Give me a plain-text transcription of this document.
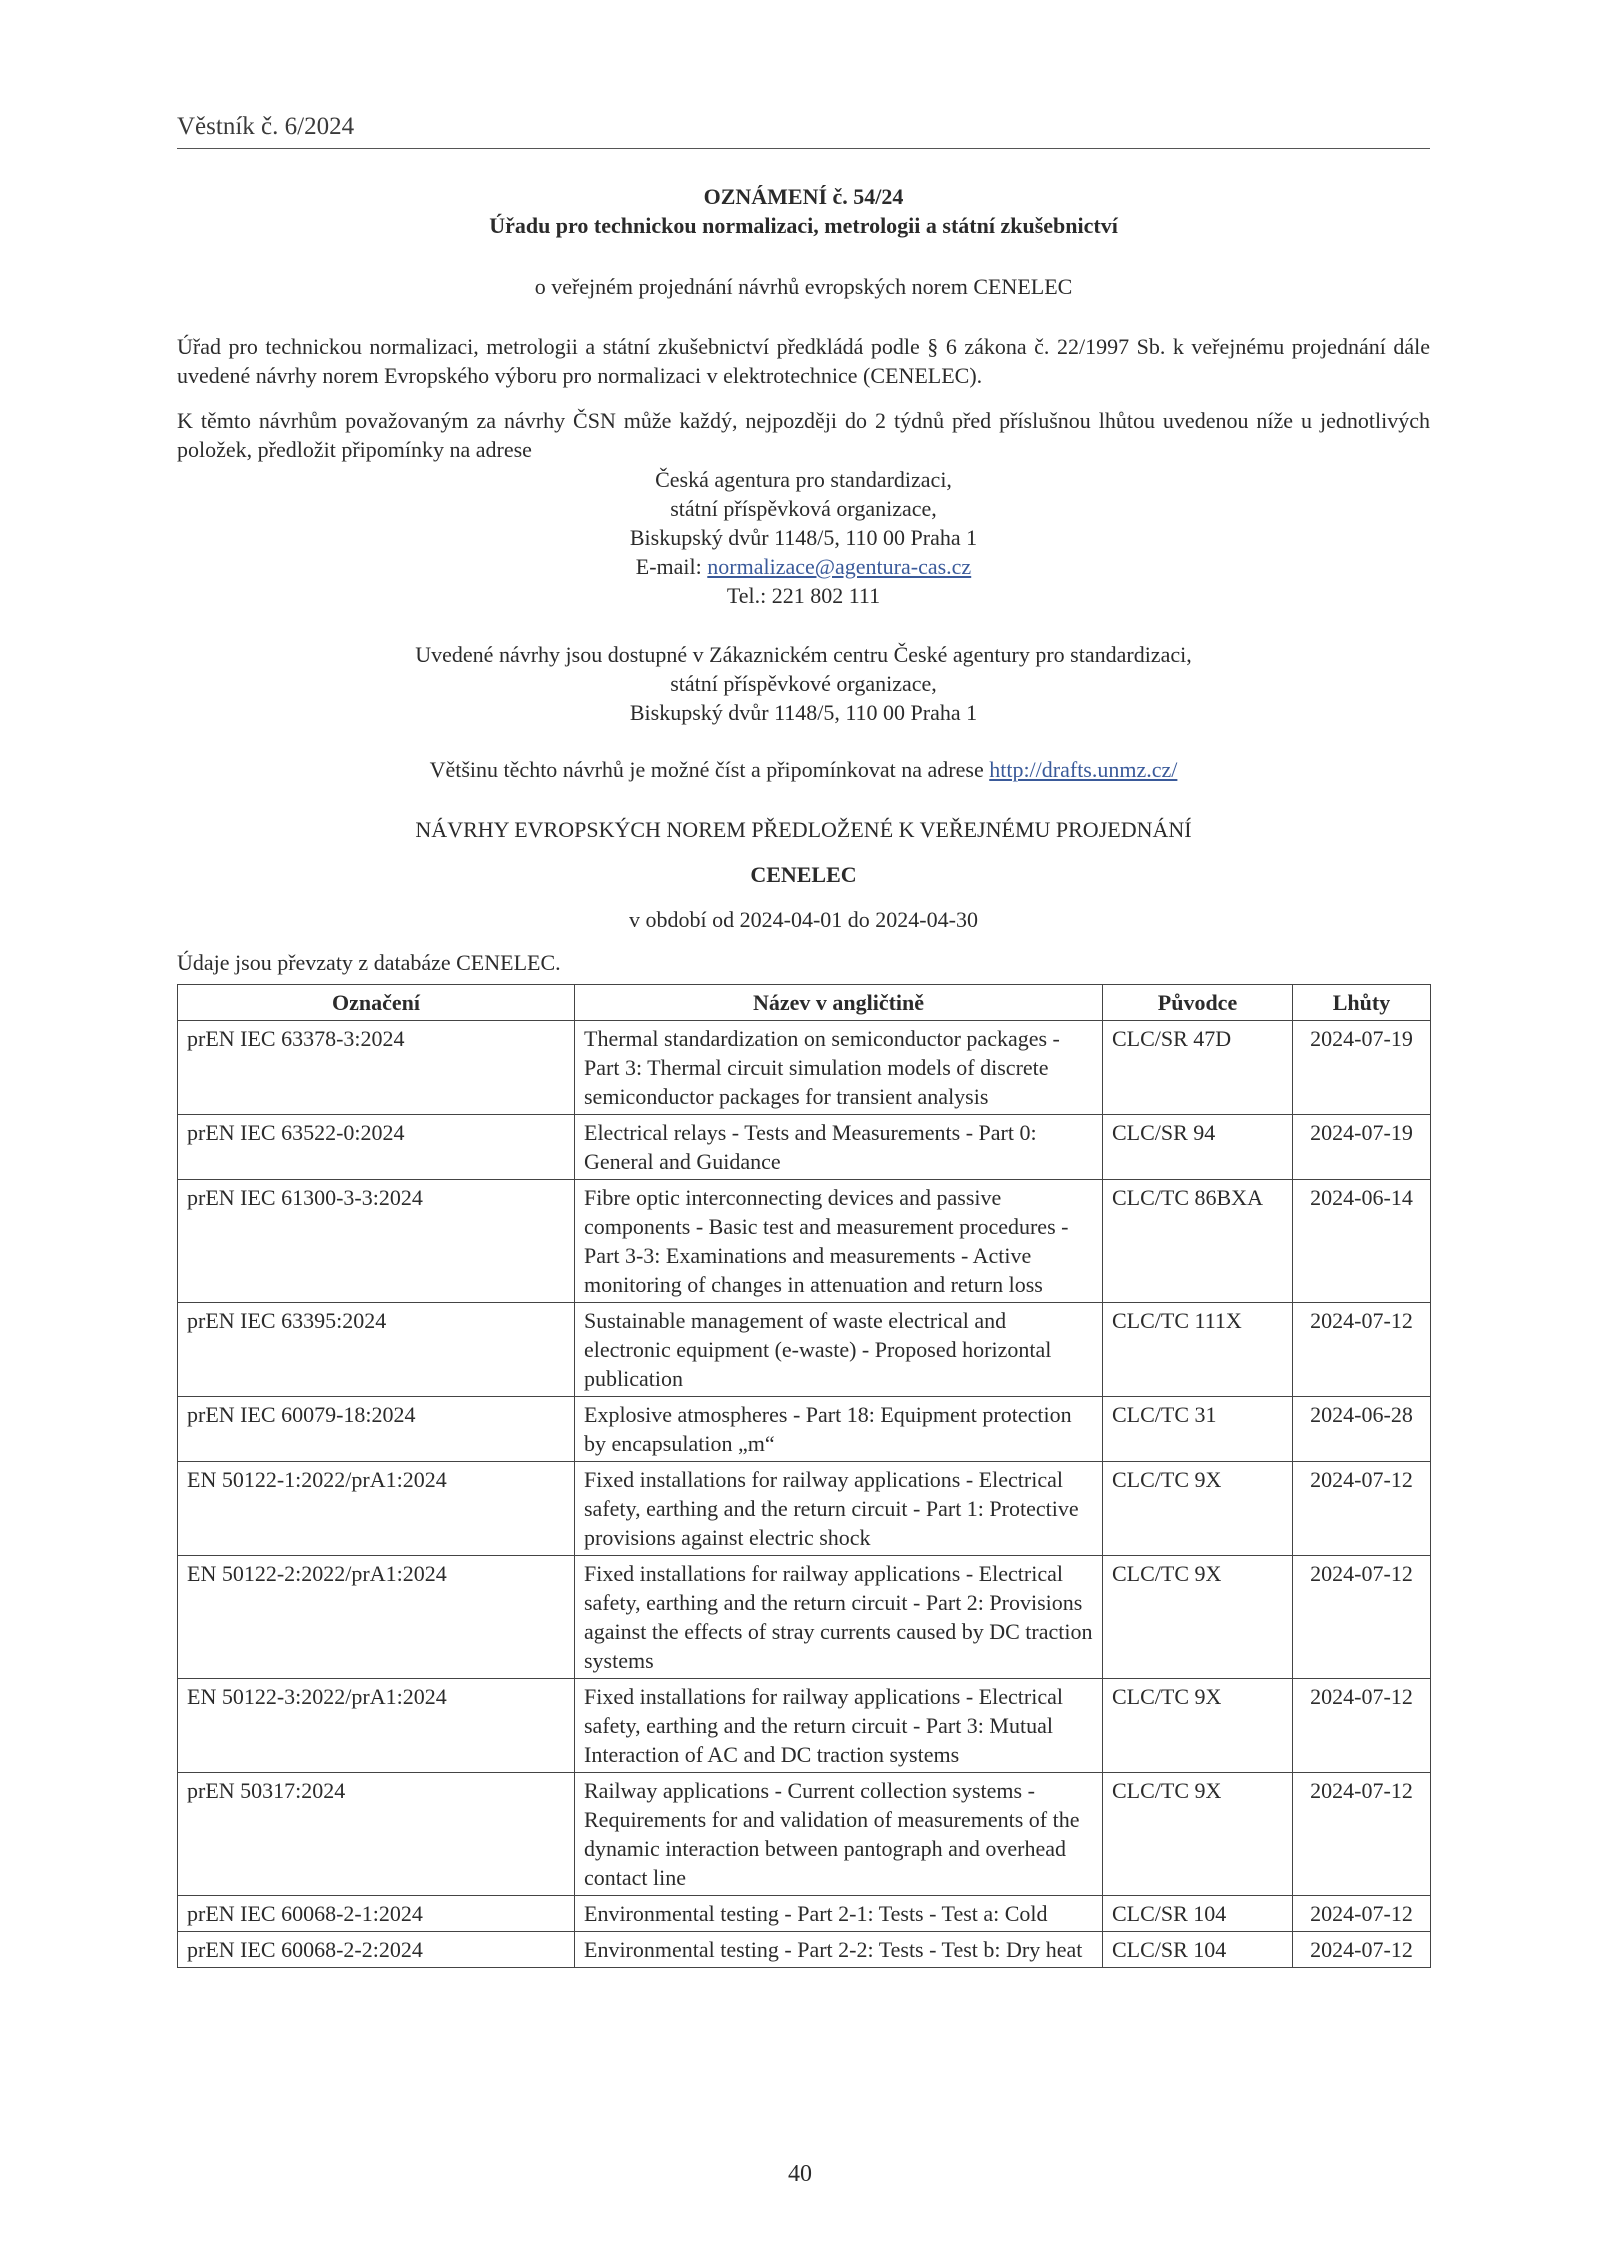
Věstník č. 6/2024
OZNÁMENÍ č. 54/24
Úřadu pro technickou normalizaci, metrologii a státní zkušebnictví
o veřejném projednání návrhů evropských norem CENELEC
Úřad pro technickou normalizaci, metrologii a státní zkušebnictví předkládá podle § 6 zákona č. 22/1997 Sb. k veřejnému projednání dále uvedené návrhy norem Evropského výboru pro normalizaci v elektrotechnice (CENELEC).
K těmto návrhům považovaným za návrhy ČSN může každý, nejpozději do 2 týdnů před příslušnou lhůtou uvedenou níže u jednotlivých položek, předložit připomínky na adrese
Česká agentura pro standardizaci,
státní příspěvková organizace,
Biskupský dvůr 1148/5, 110 00 Praha 1
E-mail: normalizace@agentura-cas.cz
Tel.: 221 802 111
Uvedené návrhy jsou dostupné v Zákaznickém centru České agentury pro standardizaci,
státní příspěvkové organizace,
Biskupský dvůr 1148/5, 110 00 Praha 1
Většinu těchto návrhů je možné číst a připomínkovat na adrese http://drafts.unmz.cz/
NÁVRHY EVROPSKÝCH NOREM PŘEDLOŽENÉ K VEŘEJNÉMU PROJEDNÁNÍ
CENELEC
v období od 2024-04-01 do 2024-04-30
Údaje jsou převzaty z databáze CENELEC.
Označení	Název v angličtině	Původce	Lhůty
prEN IEC 63378-3:2024	Thermal standardization on semiconductor packages - Part 3: Thermal circuit simulation models of discrete semiconductor packages for transient analysis	CLC/SR 47D	2024-07-19
prEN IEC 63522-0:2024	Electrical relays - Tests and Measurements - Part 0: General and Guidance	CLC/SR 94	2024-07-19
prEN IEC 61300-3-3:2024	Fibre optic interconnecting devices and passive components - Basic test and measurement procedures - Part 3-3: Examinations and measurements - Active monitoring of changes in attenuation and return loss	CLC/TC 86BXA	2024-06-14
prEN IEC 63395:2024	Sustainable management of waste electrical and electronic equipment (e-waste) - Proposed horizontal publication	CLC/TC 111X	2024-07-12
prEN IEC 60079-18:2024	Explosive atmospheres - Part 18: Equipment protection by encapsulation „m“	CLC/TC 31	2024-06-28
EN 50122-1:2022/prA1:2024	Fixed installations for railway applications - Electrical safety, earthing and the return circuit - Part 1: Protective provisions against electric shock	CLC/TC 9X	2024-07-12
EN 50122-2:2022/prA1:2024	Fixed installations for railway applications - Electrical safety, earthing and the return circuit - Part 2: Provisions against the effects of stray currents caused by DC traction systems	CLC/TC 9X	2024-07-12
EN 50122-3:2022/prA1:2024	Fixed installations for railway applications - Electrical safety, earthing and the return circuit - Part 3: Mutual Interaction of AC and DC traction systems	CLC/TC 9X	2024-07-12
prEN 50317:2024	Railway applications - Current collection systems - Requirements for and validation of measurements of the dynamic interaction between pantograph and overhead contact line	CLC/TC 9X	2024-07-12
prEN IEC 60068-2-1:2024	Environmental testing - Part 2-1: Tests - Test a: Cold	CLC/SR 104	2024-07-12
prEN IEC 60068-2-2:2024	Environmental testing - Part 2-2: Tests - Test b: Dry heat	CLC/SR 104	2024-07-12
40
